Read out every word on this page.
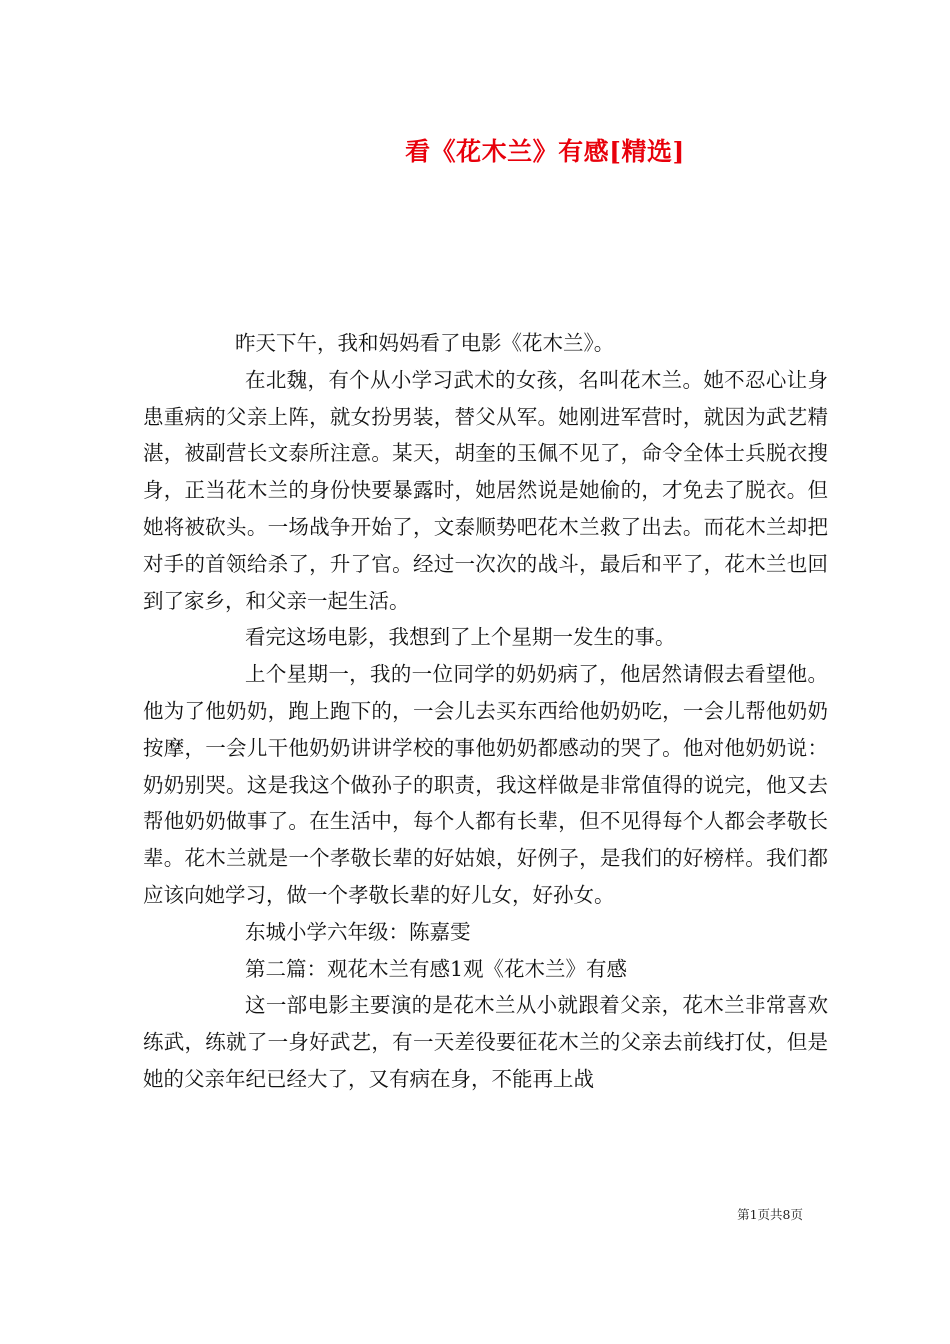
看《花木兰》有感[精选]

昨天下午，我和妈妈看了电影《花木兰》。

在北魏，有个从小学习武术的女孩，名叫花木兰。她不忍心让身患重病的父亲上阵，就女扮男装，替父从军。她刚进军营时，就因为武艺精湛，被副营长文泰所注意。某天，胡奎的玉佩不见了，命令全体士兵脱衣搜身，正当花木兰的身份快要暴露时，她居然说是她偷的，才免去了脱衣。但她将被砍头。一场战争开始了，文泰顺势吧花木兰救了出去。而花木兰却把对手的首领给杀了，升了官。经过一次次的战斗，最后和平了，花木兰也回到了家乡，和父亲一起生活。

看完这场电影，我想到了上个星期一发生的事。

上个星期一，我的一位同学的奶奶病了，他居然请假去看望他。他为了他奶奶，跑上跑下的，一会儿去买东西给他奶奶吃，一会儿帮他奶奶按摩，一会儿干他奶奶讲讲学校的事他奶奶都感动的哭了。他对他奶奶说：奶奶别哭。这是我这个做孙子的职责，我这样做是非常值得的说完，他又去帮他奶奶做事了。在生活中，每个人都有长辈，但不见得每个人都会孝敬长辈。花木兰就是一个孝敬长辈的好姑娘，好例子，是我们的好榜样。我们都应该向她学习，做一个孝敬长辈的好儿女，好孙女。

东城小学六年级：陈嘉雯

第二篇：观花木兰有感1观《花木兰》有感

这一部电影主要演的是花木兰从小就跟着父亲，花木兰非常喜欢练武，练就了一身好武艺，有一天差役要征花木兰的父亲去前线打仗，但是她的父亲年纪已经大了，又有病在身，不能再上战

第1页共8页
